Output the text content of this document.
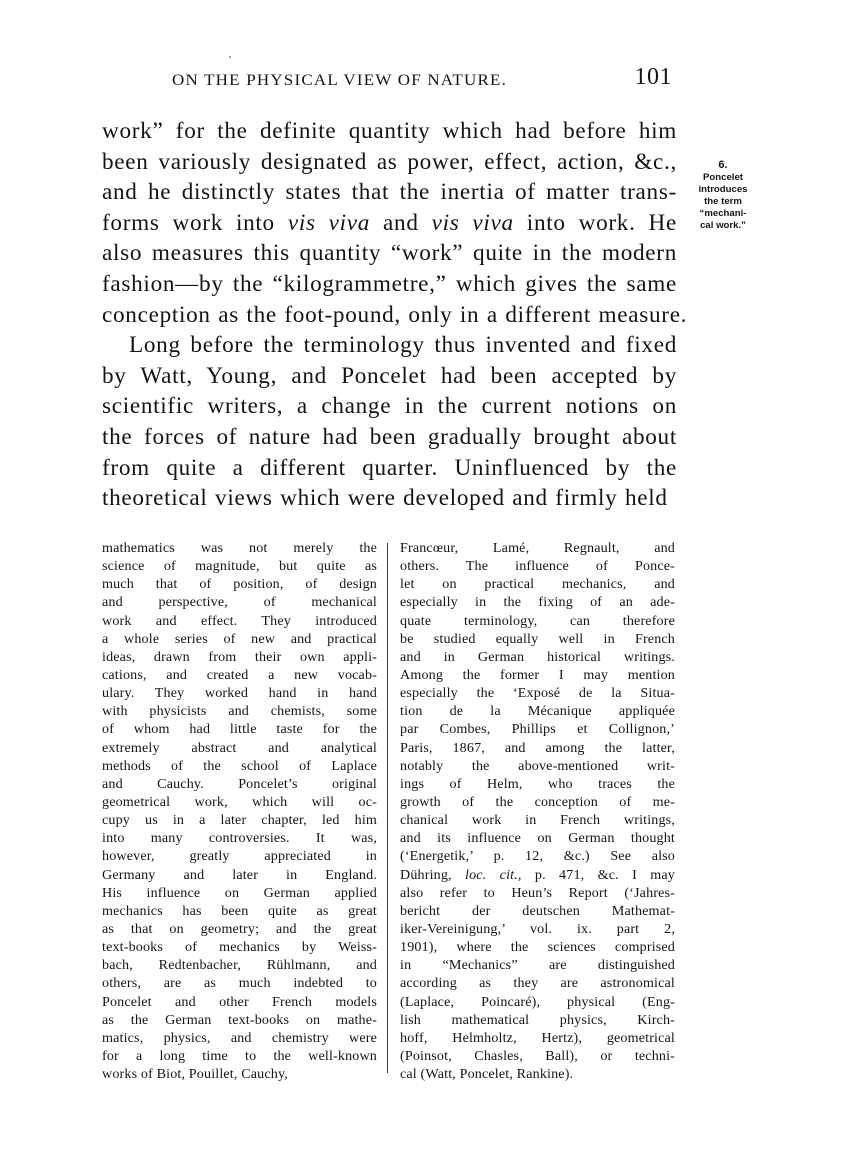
ON THE PHYSICAL VIEW OF NATURE.	101
6.
Poncelet
introduces
the term
“mechani-
cal work.”
work” for the definite quantity which had before him
been variously designated as power, effect, action, &c.,
and he distinctly states that the inertia of matter trans-
forms work into vis viva and vis viva into work. He
also measures this quantity “work” quite in the modern
fashion—by the “kilogrammetre,” which gives the same
conception as the foot-pound, only in a different measure.
Long before the terminology thus invented and fixed
by Watt, Young, and Poncelet had been accepted by
scientific writers, a change in the current notions on
the forces of nature had been gradually brought about
from quite a different quarter. Uninfluenced by the
theoretical views which were developed and firmly held
mathematics was not merely the
science of magnitude, but quite as
much that of position, of design
and perspective, of mechanical
work and effect. They introduced
a whole series of new and practical
ideas, drawn from their own appli-
cations, and created a new vocab-
ulary. They worked hand in hand
with physicists and chemists, some
of whom had little taste for the
extremely abstract and analytical
methods of the school of Laplace
and Cauchy. Poncelet’s original
geometrical work, which will oc-
cupy us in a later chapter, led him
into many controversies. It was,
however, greatly appreciated in
Germany and later in England.
His influence on German applied
mechanics has been quite as great
as that on geometry; and the great
text-books of mechanics by Weiss-
bach, Redtenbacher, Rühlmann, and
others, are as much indebted to
Poncelet and other French models
as the German text-books on mathe-
matics, physics, and chemistry were
for a long time to the well-known
works of Biot, Pouillet, Cauchy,
Francœur, Lamé, Regnault, and
others. The influence of Ponce-
let on practical mechanics, and
especially in the fixing of an ade-
quate terminology, can therefore
be studied equally well in French
and in German historical writings.
Among the former I may mention
especially the ‘Exposé de la Situa-
tion de la Mécanique appliquée
par Combes, Phillips et Collignon,’
Paris, 1867, and among the latter,
notably the above-mentioned writ-
ings of Helm, who traces the
growth of the conception of me-
chanical work in French writings,
and its influence on German thought
(‘Energetik,’ p. 12, &c.) See also
Dühring, loc. cit., p. 471, &c. I may
also refer to Heun’s Report (‘Jahres-
bericht der deutschen Mathemat-
iker-Vereinigung,’ vol. ix. part 2,
1901), where the sciences comprised
in “Mechanics” are distinguished
according as they are astronomical
(Laplace, Poincaré), physical (Eng-
lish mathematical physics, Kirch-
hoff, Helmholtz, Hertz), geometrical
(Poinsot, Chasles, Ball), or techni-
cal (Watt, Poncelet, Rankine).
